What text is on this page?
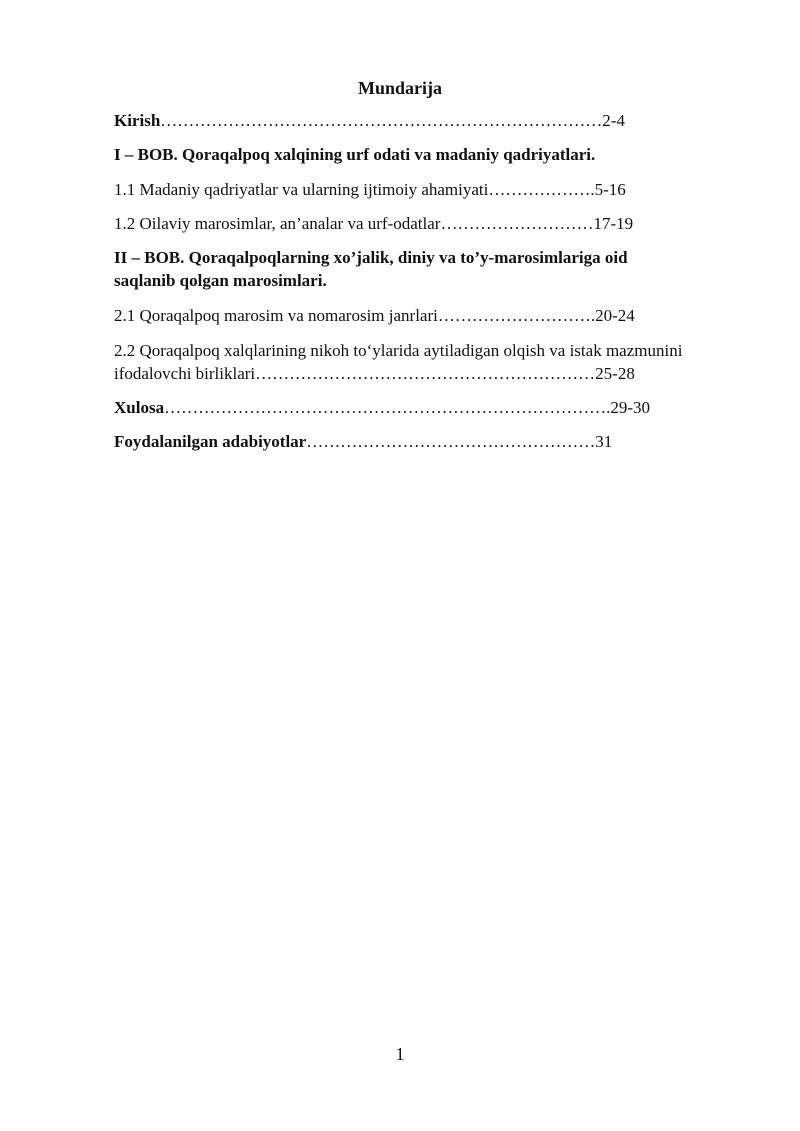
Mundarija
Kirish……………………………………………………………………2-4
I – BOB. Qoraqalpoq xalqining urf odati va madaniy qadriyatlari.
1.1 Madaniy qadriyatlar va ularning ijtimoiy ahamiyati……………….5-16
1.2 Oilaviy marosimlar, an’analar va urf-odatlar………………………17-19
II – BOB. Qoraqalpoqlarning xo’jalik, diniy va to’y-marosimlariga oid
saqlanib qolgan marosimlari.
2.1 Qoraqalpoq marosim va nomarosim janrlari……………………….20-24
2.2 Qoraqalpoq xalqlarining nikoh to‘ylarida aytiladigan olqish va istak mazmunini
ifodalovchi birliklari……………………………………………………25-28
Xulosa…………………………………………………………………….29-30
Foydalanilgan adabiyotlar……………………………………………31
1
